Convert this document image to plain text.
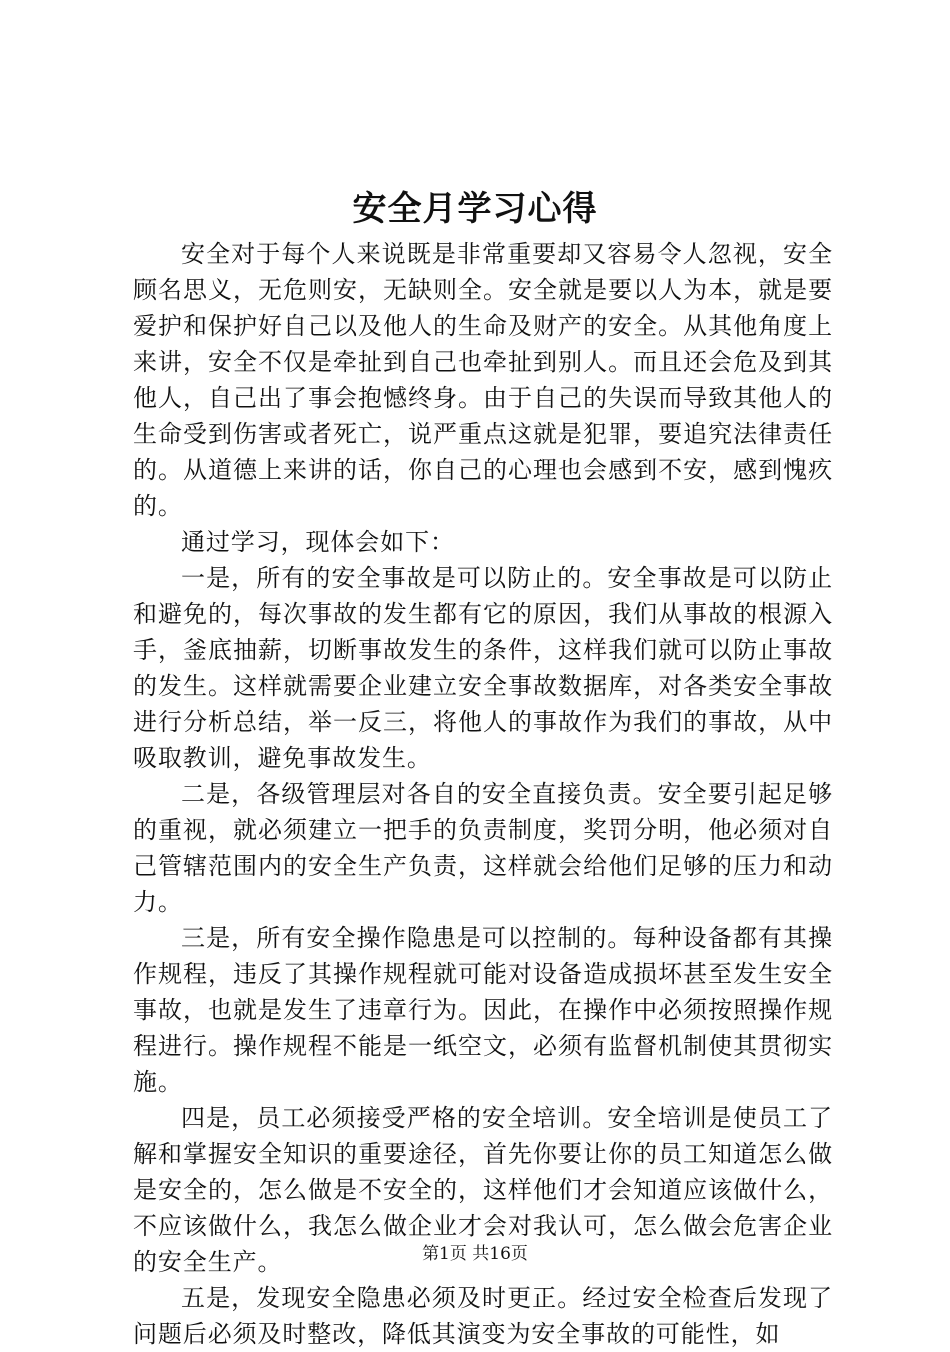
安全月学习心得

安全对于每个人来说既是非常重要却又容易令人忽视，安全顾名思义，无危则安，无缺则全。安全就是要以人为本，就是要爱护和保护好自己以及他人的生命及财产的安全。从其他角度上来讲，安全不仅是牵扯到自己也牵扯到别人。而且还会危及到其他人，自己出了事会抱憾终身。由于自己的失误而导致其他人的生命受到伤害或者死亡，说严重点这就是犯罪，要追究法律责任的。从道德上来讲的话，你自己的心理也会感到不安，感到愧疚的。

通过学习，现体会如下：

一是，所有的安全事故是可以防止的。安全事故是可以防止和避免的，每次事故的发生都有它的原因，我们从事故的根源入手，釜底抽薪，切断事故发生的条件，这样我们就可以防止事故的发生。这样就需要企业建立安全事故数据库，对各类安全事故进行分析总结，举一反三，将他人的事故作为我们的事故，从中吸取教训，避免事故发生。

二是，各级管理层对各自的安全直接负责。安全要引起足够的重视，就必须建立一把手的负责制度，奖罚分明，他必须对自己管辖范围内的安全生产负责，这样就会给他们足够的压力和动力。

三是，所有安全操作隐患是可以控制的。每种设备都有其操作规程，违反了其操作规程就可能对设备造成损坏甚至发生安全事故，也就是发生了违章行为。因此，在操作中必须按照操作规程进行。操作规程不能是一纸空文，必须有监督机制使其贯彻实施。

四是，员工必须接受严格的安全培训。安全培训是使员工了解和掌握安全知识的重要途径，首先你要让你的员工知道怎么做是安全的，怎么做是不安全的，这样他们才会知道应该做什么，不应该做什么，我怎么做企业才会对我认可，怎么做会危害企业的安全生产。

五是，发现安全隐患必须及时更正。经过安全检查后发现了问题后必须及时整改，降低其演变为安全事故的可能性，如

第1页 共16页
